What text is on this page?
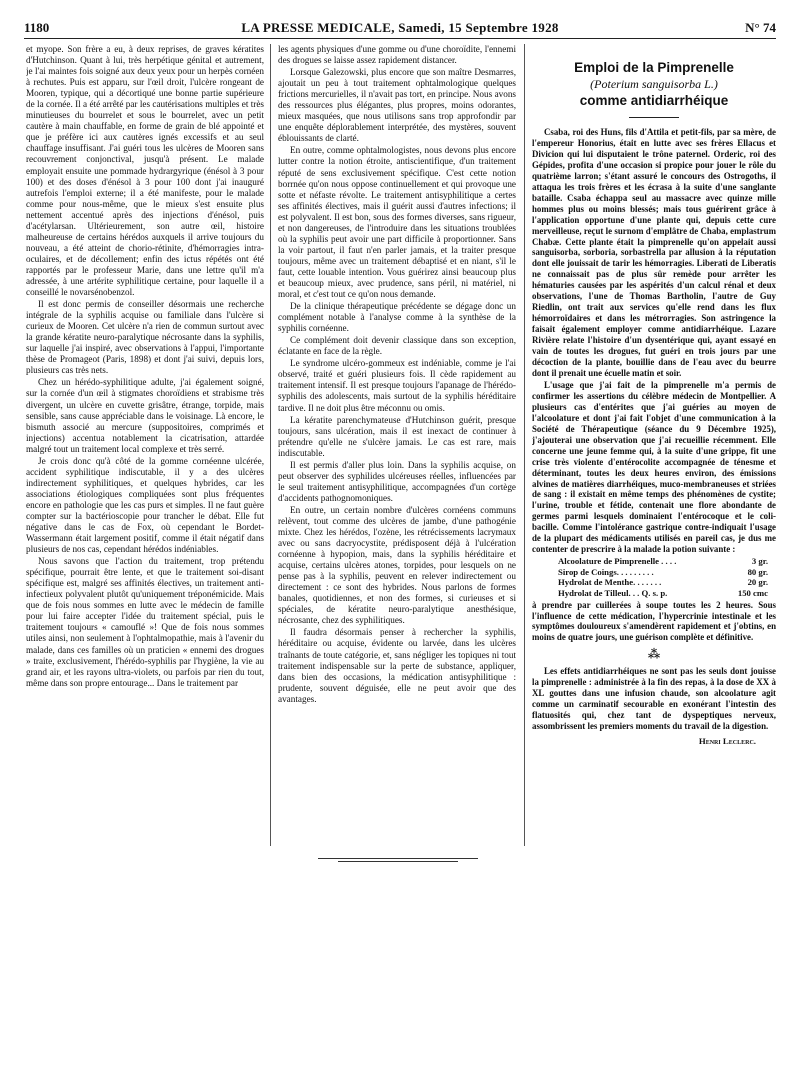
1180	LA PRESSE MEDICALE, Samedi, 15 Septembre 1928	N° 74

et myope. Son frère a eu, à deux reprises, de graves kératites d'Hutchinson. Quant à lui, très herpétique génital et autrement, je l'ai maintes fois soigné aux deux yeux pour un herpès cornéen à rechutes. Puis est apparu, sur l'œil droit, l'ulcère rongeant de Mooren, typique, qui a décortiqué une bonne partie supérieure de la cornée. Il a été arrêté par les cautérisations multiples et très minutieuses du bourrelet et sous le bourrelet, avec un petit cautère à main chauffable, en forme de grain de blé appointé et que je préfère ici aux cautères ignés excessifs et au seul chauffage insuffisant. J'ai guéri tous les ulcères de Mooren sans recouvrement conjonctival, jusqu'à présent. Le malade employait ensuite une pommade hydrargyrique (énésol à 3 pour 100) et des doses d'énésol à 3 pour 100 dont j'ai inauguré autrefois l'emploi externe; il a été manifeste, pour le malade comme pour nous-même, que le mieux s'est ensuite plus nettement accentué après des injections d'énésol, puis d'acétylarsan. Ultérieurement, son autre œil, histoire malheureuse de certains hérédos auxquels il arrive toujours du nouveau, a été atteint de chorio-rétinite, d'hémorragies intra-oculaires, et de décollement; enfin des ictus répétés ont été rapportés par le professeur Marie, dans une lettre qu'il m'a adressée, à une artérite syphilitique certaine, pour laquelle il a conseillé le novarsénobenzol.

Il est donc permis de conseiller désormais une recherche intégrale de la syphilis acquise ou familiale dans l'ulcère si curieux de Mooren. Cet ulcère n'a rien de commun surtout avec la grande kératite neuro-paralytique nécrosante dans la syphilis, sur laquelle j'ai inspiré, avec observations à l'appui, l'importante thèse de Promageot (Paris, 1898) et dont j'ai suivi, depuis lors, plusieurs cas très nets.

Chez un hérédo-syphilitique adulte, j'ai également soigné, sur la cornée d'un œil à stigmates choroïdiens et strabisme très divergent, un ulcère en cuvette grisâtre, étrange, torpide, mais sensible, sans cause appréciable dans le voisinage. Là encore, le bismuth associé au mercure (suppositoires, comprimés et injections) accentua notablement la cicatrisation, attardée malgré tout un traitement local complexe et très serré.

Je crois donc qu'à côté de la gomme cornéenne ulcérée, accident syphilitique indiscutable, il y a des ulcères indirectement syphilitiques, et quelques hybrides, car les associations étiologiques compliquées sont plus fréquentes encore en pathologie que les cas purs et simples. Il ne faut guère compter sur la bactérioscopie pour trancher le débat. Elle fut négative dans le cas de Fox, où cependant le Bordet-Wassermann était largement positif, comme il était négatif dans plusieurs de nos cas, cependant hérédos indéniables.

Nous savons que l'action du traitement, trop prétendu spécifique, pourrait être lente, et que le traitement soi-disant spécifique est, malgré ses affinités électives, un traitement anti-infectieux polyvalent plutôt qu'uniquement tréponémicide. Mais que de fois nous sommes en lutte avec le médecin de famille pour lui faire accepter l'idée du traitement spécial, puis le traitement toujours « camouflé »! Que de fois nous sommes utiles ainsi, non seulement à l'ophtalmopathie, mais à l'avenir du malade, dans ces familles où un praticien « ennemi des drogues » traite, exclusivement, l'hérédo-syphilis par l'hygiène, la vie au grand air, et les rayons ultra-violets, ou parfois par rien du tout, même dans son propre entourage... Dans le traitement par

les agents physiques d'une gomme ou d'une choroïdite, l'ennemi des drogues se laisse assez rapidement distancer.

Lorsque Galezowski, plus encore que son maître Desmarres, ajoutait un peu à tout traitement ophtalmologique quelques frictions mercurielles, il n'avait pas tort, en principe. Nous avons des ressources plus élégantes, plus propres, moins odorantes, mieux masquées, que nous utilisons sans trop approfondir par une enquête déplorablement interprétée, des mystères, souvent éblouissants de clarté.

En outre, comme ophtalmologistes, nous devons plus encore lutter contre la notion étroite, antiscientifique, d'un traitement réputé de sens exclusivement spécifique. C'est cette notion borrnée qu'on nous oppose continuellement et qui provoque une sotte et néfaste révolte. Le traitement antisyphilitique a certes ses affinités électives, mais il guérit aussi d'autres infections; il est polyvalent. Il est bon, sous des formes diverses, sans rigueur, et non dangereuses, de l'introduire dans les situations troublées où la syphilis peut avoir une part difficile à proportionner. Sans la voir partout, il faut n'en parler jamais, et la traiter presque toujours, même avec un traitement débaptisé et en niant, s'il le faut, cette louable intention. Vous guérirez ainsi beaucoup plus et beaucoup mieux, avec prudence, sans péril, ni matériel, ni moral, et c'est tout ce qu'on nous demande.

De la clinique thérapeutique précédente se dégage donc un complément notable à l'analyse comme à la synthèse de la syphilis cornéenne.

Ce complément doit devenir classique dans son exception, éclatante en face de la règle.

Le syndrome ulcéro-gommeux est indéniable, comme je l'ai observé, traité et guéri plusieurs fois. Il cède rapidement au traitement intensif. Il est presque toujours l'apanage de l'hérédo-syphilis des adolescents, mais surtout de la syphilis héréditaire tardive. Il ne doit plus être méconnu ou omis.

La kératite parenchymateuse d'Hutchinson guérit, presque toujours, sans ulcération, mais il est inexact de continuer à prétendre qu'elle ne s'ulcère jamais. Le cas est rare, mais indiscutable.

Il est permis d'aller plus loin. Dans la syphilis acquise, on peut observer des syphilides ulcéreuses réelles, influencées par le seul traitement antisyphilitique, accompagnées d'un cortège d'accidents pathognomoniques.

En outre, un certain nombre d'ulcères cornéens communs relèvent, tout comme des ulcères de jambe, d'une pathogénie mixte. Chez les hérédos, l'ozène, les rétrécissements lacrymaux avec ou sans dacryocystite, prédisposent déjà à l'ulcération cornéenne à hypopion, mais, dans la syphilis héréditaire et acquise, certains ulcères atones, torpides, pour lesquels on ne pense pas à la syphilis, peuvent en relever indirectement ou directement : ce sont des hybrides. Nous parlons de formes banales, quotidiennes, et non des formes, si curieuses et si spéciales, de kératite neuro-paralytique anesthésique, nécrosante, chez des syphilitiques.

Il faudra désormais penser à rechercher la syphilis, héréditaire ou acquise, évidente ou larvée, dans les ulcères traînants de toute catégorie, et, sans négliger les topiques ni tout traitement indispensable sur la perte de substance, appliquer, dans bien des occasions, la médication antisyphilitique : prudente, souvent déguisée, elle ne peut avoir que des avantages.

Emploi de la Pimprenelle
(Poterium sanguisorba L.)
comme antidiarrhéique

Csaba, roi des Huns, fils d'Attila et petit-fils, par sa mère, de l'empereur Honorius, était en lutte avec ses frères Ellacus et Divicion qui lui disputaient le trône paternel. Orderic, roi des Gépides, profita d'une occasion si propice pour jouer le rôle du quatrième larron; s'étant assuré le concours des Ostrogoths, il attaqua les trois frères et les écrasa à la suite d'une sanglante bataille. Csaba échappa seul au massacre avec quinze mille hommes plus ou moins blessés; mais tous guérirent grâce à l'application opportune d'une plante qui, depuis cette cure merveilleuse, reçut le surnom d'emplâtre de Chaba, emplastrum Chabæ. Cette plante était la pimprenelle qu'on appelait aussi sanguisorba, sorboria, sorbastrella par allusion à la réputation dont elle jouissait de tarir les hémorragies. Liberati de Liberatis ne connaissait pas de plus sûr remède pour arrêter les hématuries causées par les aspérités d'un calcul rénal et deux observations, l'une de Thomas Bartholin, l'autre de Guy Riedlin, ont trait aux services qu'elle rend dans les flux hémorroïdaires et dans les métrorragies. Son astringence la faisait également employer comme antidiarrhéique. Lazare Rivière relate l'histoire d'un dysentérique qui, ayant essayé en vain de toutes les drogues, fut guéri en trois jours par une décoction de la plante, bouillie dans de l'eau avec du beurre dont il prenait une écuelle matin et soir.

L'usage que j'ai fait de la pimprenelle m'a permis de confirmer les assertions du célèbre médecin de Montpellier. A plusieurs cas d'entérites que j'ai guéries au moyen de l'alcoolature et dont j'ai fait l'objet d'une communication à la Société de Thérapeutique (séance du 9 Décembre 1925), j'ajouterai une observation que j'ai recueillie récemment. Elle concerne une jeune femme qui, à la suite d'une grippe, fit une crise très violente d'entérocolite accompagnée de ténesme et déterminant, toutes les deux heures environ, des émissions alvines de matières diarrhéiques, muco-membraneuses et striées de sang : il existait en même temps des phénomènes de cystite; l'urine, trouble et fétide, contenait une flore abondante de germes parmi lesquels dominaient l'entérocoque et le coli-bacille. Comme l'intolérance gastrique contre-indiquait l'usage de la plupart des médicaments utilisés en pareil cas, je dus me contenter de prescrire à la malade la potion suivante :

Alcoolature de Pimprenelle . . . .	3 gr.
Sirop de Coings. . . . . . . . .	80 gr.
Hydrolat de Menthe. . . . . . .	20 gr.
Hydrolat de Tilleul. . . Q. s. p.	150 cmc

à prendre par cuillerées à soupe toutes les 2 heures. Sous l'influence de cette médication, l'hypercrinie intestinale et les symptômes douloureux s'amendèrent rapidement et j'obtins, en moins de quatre jours, une guérison complète et définitive.

⁂

Les effets antidiarrhéiques ne sont pas les seuls dont jouisse la pimprenelle : administrée à la fin des repas, à la dose de XX à XL gouttes dans une infusion chaude, son alcoolature agit comme un carminatif secourable en exonérant l'intestin des flatuosités qui, chez tant de dyspeptiques nerveux, assombrissent les premiers moments du travail de la digestion.

Henri Leclerc.
